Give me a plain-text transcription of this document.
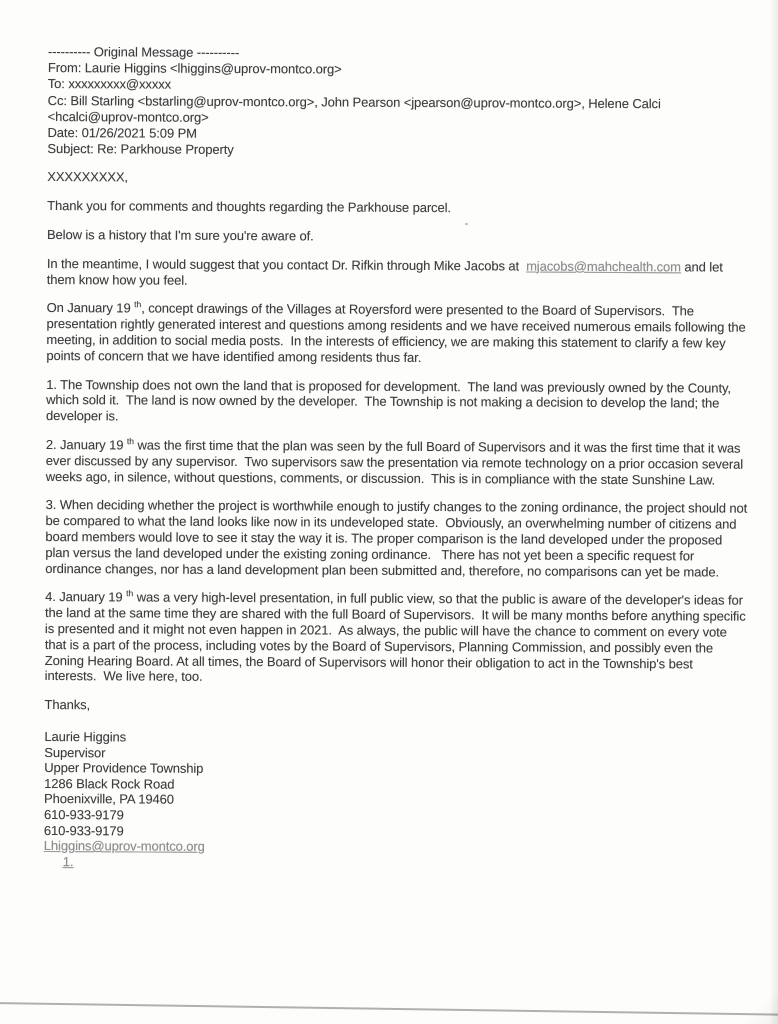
---------- Original Message ----------
From: Laurie Higgins <lhiggins@uprov-montco.org>
To: xxxxxxxxx@xxxxx
Cc: Bill Starling <bstarling@uprov-montco.org>, John Pearson <jpearson@uprov-montco.org>, Helene Calci <hcalci@uprov-montco.org>
Date: 01/26/2021 5:09 PM
Subject: Re: Parkhouse Property

XXXXXXXXX,

Thank you for comments and thoughts regarding the Parkhouse parcel.

Below is a history that I'm sure you're aware of.

In the meantime, I would suggest that you contact Dr. Rifkin through Mike Jacobs at  mjacobs@mahchealth.com and let them know how you feel.

On January 19 $^{th}$, concept drawings of the Villages at Royersford were presented to the Board of Supervisors.  The presentation rightly generated interest and questions among residents and we have received numerous emails following the meeting, in addition to social media posts.  In the interests of efficiency, we are making this statement to clarify a few key points of concern that we have identified among residents thus far.

1. The Township does not own the land that is proposed for development.  The land was previously owned by the County, which sold it.  The land is now owned by the developer.  The Township is not making a decision to develop the land; the developer is.

2. January 19 $^{th}$ was the first time that the plan was seen by the full Board of Supervisors and it was the first time that it was ever discussed by any supervisor.  Two supervisors saw the presentation via remote technology on a prior occasion several weeks ago, in silence, without questions, comments, or discussion.  This is in compliance with the state Sunshine Law.

3. When deciding whether the project is worthwhile enough to justify changes to the zoning ordinance, the project should not be compared to what the land looks like now in its undeveloped state.  Obviously, an overwhelming number of citizens and board members would love to see it stay the way it is. The proper comparison is the land developed under the proposed plan versus the land developed under the existing zoning ordinance.   There has not yet been a specific request for ordinance changes, nor has a land development plan been submitted and, therefore, no comparisons can yet be made.

4. January 19 $^{th}$ was a very high-level presentation, in full public view, so that the public is aware of the developer's ideas for the land at the same time they are shared with the full Board of Supervisors.  It will be many months before anything specific is presented and it might not even happen in 2021.  As always, the public will have the chance to comment on every vote that is a part of the process, including votes by the Board of Supervisors, Planning Commission, and possibly even the Zoning Hearing Board. At all times, the Board of Supervisors will honor their obligation to act in the Township's best interests.  We live here, too.

Thanks,

Laurie Higgins
Supervisor
Upper Providence Township
1286 Black Rock Road
Phoenixville, PA 19460
610-933-9179
610-933-9179
Lhiggins@uprov-montco.org
1.
